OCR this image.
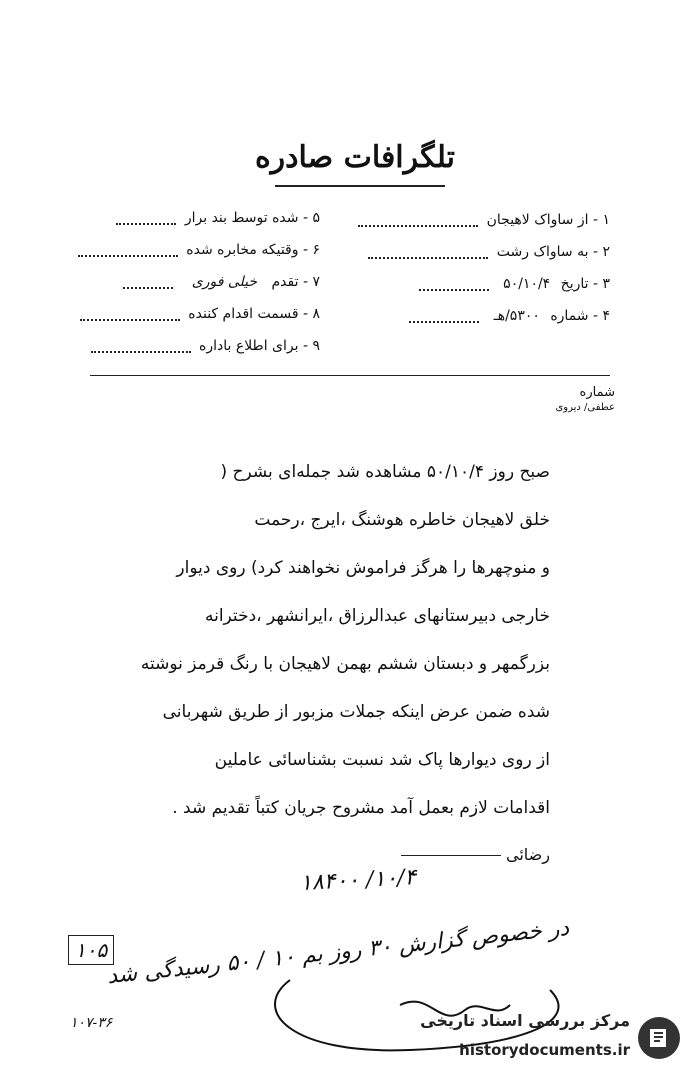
تلگرافات صادره
۱ - از ساواک لاهیجان
۲ - به ساواک رشت
۳ - تاریخ ۵۰/۱۰/۴
۴ - شماره ۵۳۰۰/هـ
۵ - شده توسط بند برار
۶ - وقتیکه مخابره شده
۷ - تقدم خیلی فوری
۸ - قسمت اقدام کننده
۹ - برای اطلاع باداره
شماره
عطفی/ دیروی
صبح روز ۵۰/۱۰/۴ مشاهده شد جمله‌ای بشرح (
خلق لاهیجان خاطره هوشنگ ،ایرج ،رحمت
و منوچهرها را هرگز فراموش نخواهند کرد) روی دیوار
خارجی دبیرستانهای عبدالرزاق ،ایرانشهر ،دخترانه
بزرگمهر و دبستان ششم بهمن لاهیجان با رنگ قرمز نوشته
شده ضمن عرض اینکه جملات مزبور از طریق شهربانی
از روی دیوارها پاک شد نسبت بشناسائی عاملین
اقدامات لازم بعمل آمد مشروح جریان کتباً تقدیم شد .
رضائی
۱۸۴۰۰ /۱۰/۴
در خصوص گزارش ۳۰ روز بم ۱۰ / ۵۰ رسیدگی شد
۱۰۵
۱۰۷-۳۶	مرکز بررسی اسناد تاریخی
historydocuments.ir
